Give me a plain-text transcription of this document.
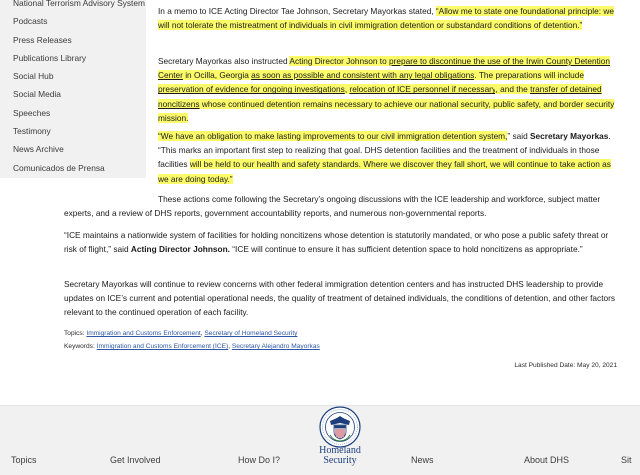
National Terrorism Advisory System
Podcasts
Press Releases
Publications Library
Social Hub
Social Media
Speeches
Testimony
News Archive
Comunicados de Prensa

In a memo to ICE Acting Director Tae Johnson, Secretary Mayorkas stated, “Allow me to state one foundational principle: we will not tolerate the mistreatment of individuals in civil immigration detention or substandard conditions of detention.”

Secretary Mayorkas also instructed Acting Director Johnson to prepare to discontinue the use of the Irwin County Detention Center in Ocilla, Georgia as soon as possible and consistent with any legal obligations. The preparations will include preservation of evidence for ongoing investigations, relocation of ICE personnel if necessary, and the transfer of detained noncitizens whose continued detention remains necessary to achieve our national security, public safety, and border security mission.

“We have an obligation to make lasting improvements to our civil immigration detention system,” said Secretary Mayorkas. “This marks an important first step to realizing that goal. DHS detention facilities and the treatment of individuals in those facilities will be held to our health and safety standards. Where we discover they fall short, we will continue to take action as we are doing today.”

These actions come following the Secretary’s ongoing discussions with the ICE leadership and workforce, subject matter experts, and a review of DHS reports, government accountability reports, and numerous non-governmental reports.

“ICE maintains a nationwide system of facilities for holding noncitizens whose detention is statutorily mandated, or who pose a public safety threat or risk of flight,” said Acting Director Johnson. “ICE will continue to ensure it has sufficient detention space to hold noncitizens as appropriate.”

Secretary Mayorkas will continue to review concerns with other federal immigration detention centers and has instructed DHS leadership to provide updates on ICE’s current and potential operational needs, the quality of treatment of detained individuals, the conditions of detention, and other factors relevant to the continued operation of each facility.

Topics: Immigration and Customs Enforcement, Secretary of Homeland Security
Keywords: Immigration and Customs Enforcement (ICE), Secretary Alejandro Mayorkas
Last Published Date: May 20, 2021
Topics	Get Involved	How Do I?	News	About DHS	Sit
Homeland
Security
